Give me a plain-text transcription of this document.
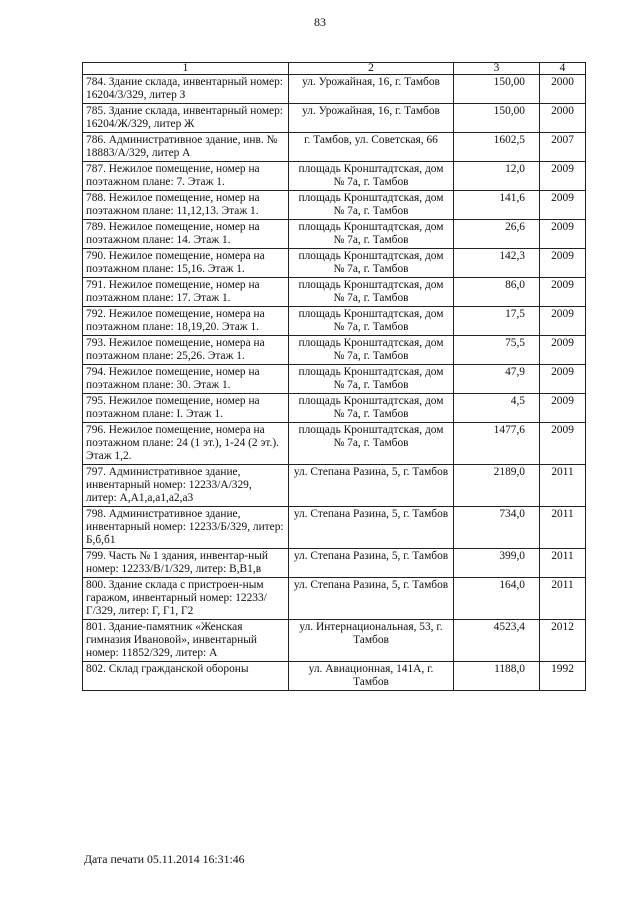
83
1	2	3	4
784. Здание склада, инвентарный номер: 16204/3/329, литер З	ул. Урожайная, 16, г. Тамбов	150,00	2000
785. Здание склада, инвентарный номер: 16204/Ж/329, литер Ж	ул. Урожайная, 16, г. Тамбов	150,00	2000
786. Административное здание, инв. № 18883/А/329, литер А	г. Тамбов, ул. Советская, 66	1602,5	2007
787. Нежилое помещение, номер на поэтажном плане: 7. Этаж 1.	площадь Кронштадтская, дом № 7а, г. Тамбов	12,0	2009
788. Нежилое помещение, номер на поэтажном плане: 11,12,13. Этаж 1.	площадь Кронштадтская, дом № 7а, г. Тамбов	141,6	2009
789. Нежилое помещение, номер на поэтажном плане: 14. Этаж 1.	площадь Кронштадтская, дом № 7а, г. Тамбов	26,6	2009
790. Нежилое помещение, номера на поэтажном плане: 15,16. Этаж 1.	площадь Кронштадтская, дом № 7а, г. Тамбов	142,3	2009
791. Нежилое помещение, номер на поэтажном плане: 17. Этаж 1.	площадь Кронштадтская, дом № 7а, г. Тамбов	86,0	2009
792. Нежилое помещение, номера на поэтажном плане: 18,19,20. Этаж 1.	площадь Кронштадтская, дом № 7а, г. Тамбов	17,5	2009
793. Нежилое помещение, номера на поэтажном плане: 25,26. Этаж 1.	площадь Кронштадтская, дом № 7а, г. Тамбов	75,5	2009
794. Нежилое помещение, номер на поэтажном плане: 30. Этаж 1.	площадь Кронштадтская, дом № 7а, г. Тамбов	47,9	2009
795. Нежилое помещение, номер на поэтажном плане: I. Этаж 1.	площадь Кронштадтская, дом № 7а, г. Тамбов	4,5	2009
796. Нежилое помещение, номера на поэтажном плане: 24 (1 эт.), 1-24 (2 эт.). Этаж 1,2.	площадь Кронштадтская, дом № 7а, г. Тамбов	1477,6	2009
797. Административное здание, инвентарный номер: 12233/А/329, литер: А,А1,а,а1,а2,а3	ул. Степана Разина, 5, г. Тамбов	2189,0	2011
798. Административное здание, инвентарный номер: 12233/Б/329, литер: Б,б,б1	ул. Степана Разина, 5, г. Тамбов	734,0	2011
799. Часть № 1 здания, инвентар-ный номер: 12233/В/1/329, литер: В,В1,в	ул. Степана Разина, 5, г. Тамбов	399,0	2011
800. Здание склада с пристроен-ным гаражом, инвентарный номер: 12233/Г/329, литер: Г, Г1, Г2	ул. Степана Разина, 5, г. Тамбов	164,0	2011
801. Здание-памятник «Женская гимназия Ивановой», инвентарный номер: 11852/329, литер: А	ул. Интернациональная, 53, г. Тамбов	4523,4	2012
802. Склад гражданской обороны	ул. Авиационная, 141А, г. Тамбов	1188,0	1992
Дата печати 05.11.2014 16:31:46
